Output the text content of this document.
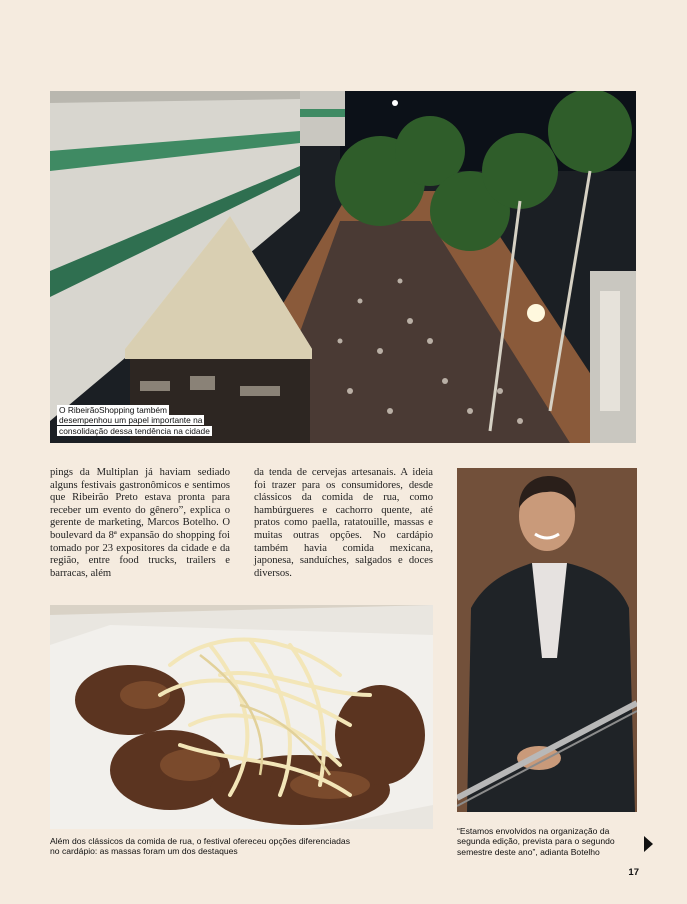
O RibeirãoShopping também desempenhou um papel importante na consolidação dessa tendência na cidade
pings da Multiplan já haviam sediado alguns festivais gastronômicos e sentimos que Ribeirão Preto estava pronta para receber um evento do gênero”, explica o gerente de marketing, Marcos Botelho. O boulevard da 8ª expansão do shopping foi tomado por 23 expositores da cidade e da região, entre food trucks, trailers e barracas, além
da tenda de cervejas artesanais. A ideia foi trazer para os consumidores, desde clássicos da comida de rua, como hambúrgueres e cachorro quente, até pratos como paella, ratatouille, massas e muitas outras opções. No cardápio também havia comida mexicana, japonesa, sanduíches, salgados e doces diversos.
Além dos clássicos da comida de rua, o festival ofereceu opções diferenciadas no cardápio: as massas foram um dos destaques
“Estamos envolvidos na organização da segunda edição, prevista para o segundo semestre deste ano”, adianta Botelho
17
